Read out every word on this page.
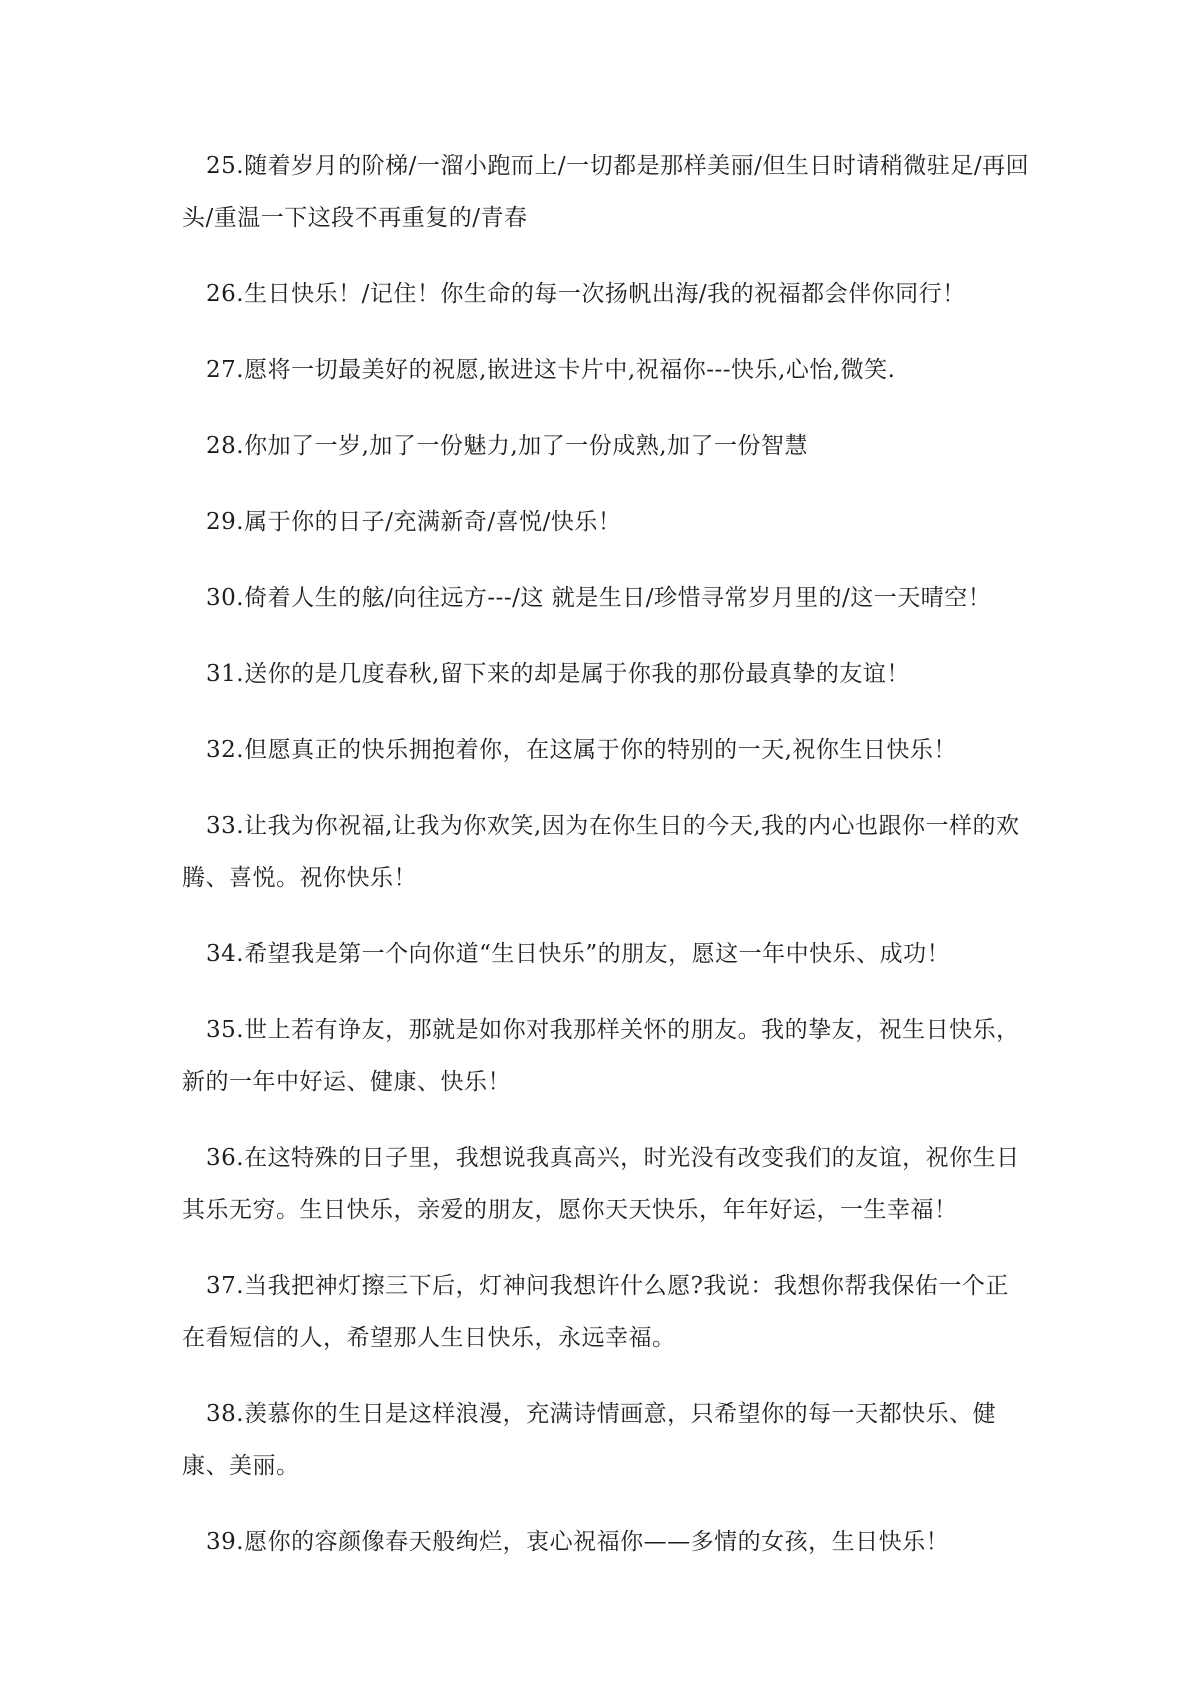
25.随着岁月的阶梯/一溜小跑而上/一切都是那样美丽/但生日时请稍微驻足/再回头/重温一下这段不再重复的/青春

26.生日快乐！/记住！你生命的每一次扬帆出海/我的祝福都会伴你同行！

27.愿将一切最美好的祝愿,嵌进这卡片中,祝福你---快乐,心怡,微笑.

28.你加了一岁,加了一份魅力,加了一份成熟,加了一份智慧

29.属于你的日子/充满新奇/喜悦/快乐！

30.倚着人生的舷/向往远方---/这 就是生日/珍惜寻常岁月里的/这一天晴空！

31.送你的是几度春秋,留下来的却是属于你我的那份最真挚的友谊！

32.但愿真正的快乐拥抱着你，在这属于你的特别的一天,祝你生日快乐！

33.让我为你祝福,让我为你欢笑,因为在你生日的今天,我的内心也跟你一样的欢腾、喜悦。祝你快乐！

34.希望我是第一个向你道“生日快乐”的朋友，愿这一年中快乐、成功！

35.世上若有诤友，那就是如你对我那样关怀的朋友。我的挚友，祝生日快乐，新的一年中好运、健康、快乐！

36.在这特殊的日子里，我想说我真高兴，时光没有改变我们的友谊，祝你生日其乐无穷。生日快乐，亲爱的朋友，愿你天天快乐，年年好运，一生幸福！

37.当我把神灯擦三下后，灯神问我想许什么愿?我说：我想你帮我保佑一个正在看短信的人，希望那人生日快乐，永远幸福。

38.羡慕你的生日是这样浪漫，充满诗情画意，只希望你的每一天都快乐、健康、美丽。

39.愿你的容颜像春天般绚烂，衷心祝福你——多情的女孩，生日快乐！
